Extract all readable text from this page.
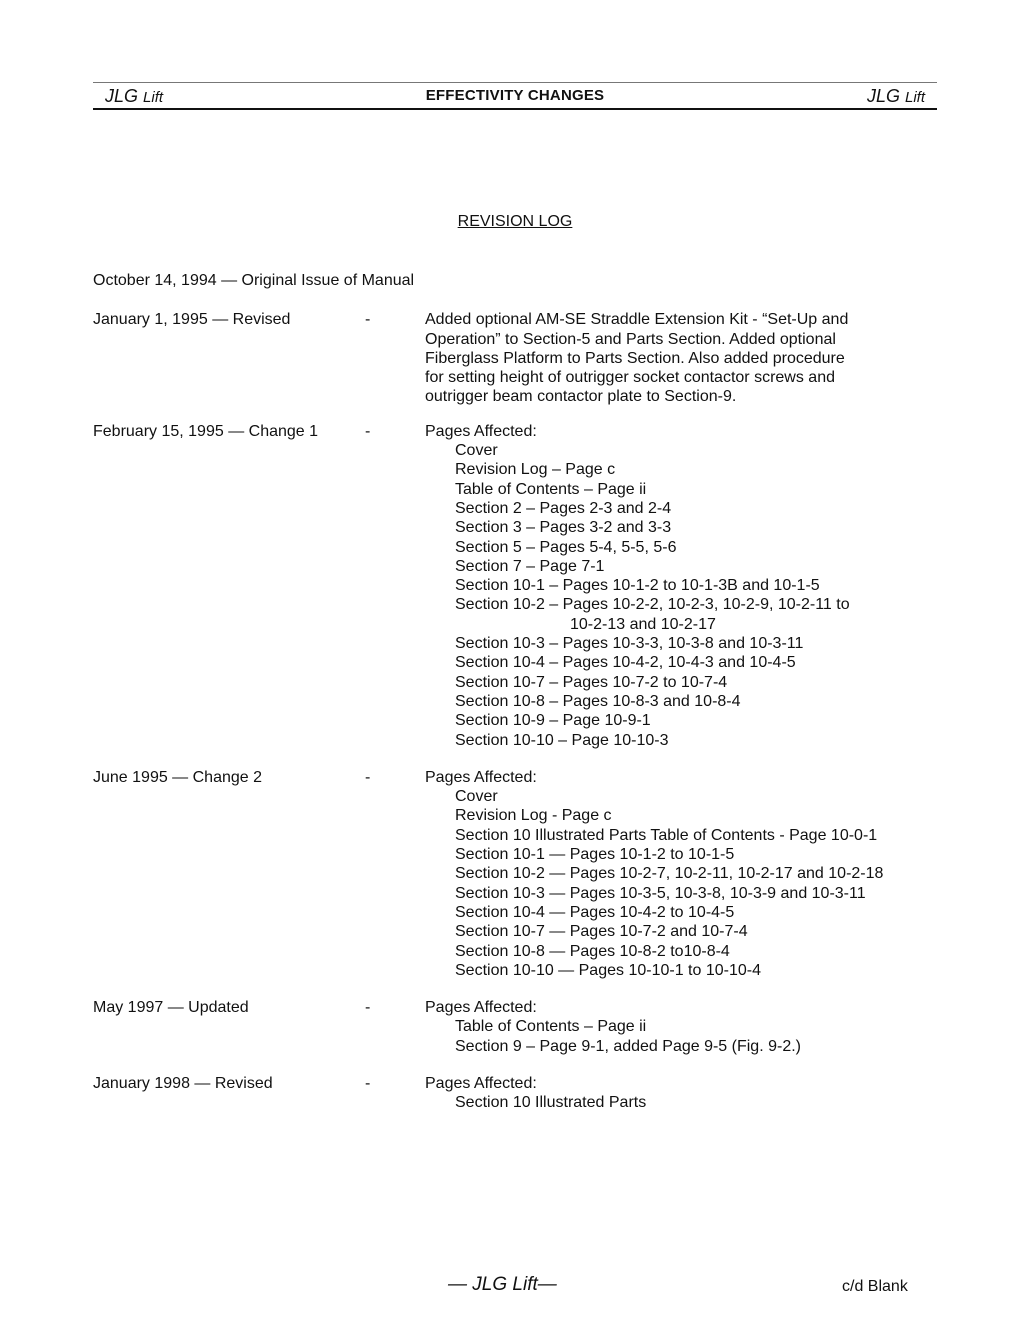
JLG Lift	EFFECTIVITY CHANGES	JLG Lift
REVISION LOG
October 14, 1994 — Original Issue of Manual
January 1, 1995 — Revised	-	Added optional AM-SE Straddle Extension Kit - “Set-Up and
Operation” to Section-5 and Parts Section. Added optional
Fiberglass Platform to Parts Section. Also added procedure
for setting height of outrigger socket contactor screws and
outrigger beam contactor plate to Section-9.
February 15, 1995 — Change 1	-	Pages Affected:
Cover
Revision Log – Page c
Table of Contents – Page ii
Section 2 – Pages 2-3 and 2-4
Section 3 – Pages 3-2 and 3-3
Section 5 – Pages 5-4, 5-5, 5-6
Section 7 – Page 7-1
Section 10-1 – Pages 10-1-2 to 10-1-3B and 10-1-5
Section 10-2 – Pages 10-2-2, 10-2-3, 10-2-9, 10-2-11 to
10-2-13 and 10-2-17
Section 10-3 – Pages 10-3-3, 10-3-8 and 10-3-11
Section 10-4 – Pages 10-4-2, 10-4-3 and 10-4-5
Section 10-7 – Pages 10-7-2 to 10-7-4
Section 10-8 – Pages 10-8-3 and 10-8-4
Section 10-9 – Page 10-9-1
Section 10-10 – Page 10-10-3
June 1995 — Change 2	-	Pages Affected:
Cover
Revision Log - Page c
Section 10 Illustrated Parts Table of Contents - Page 10-0-1
Section 10-1 — Pages 10-1-2 to 10-1-5
Section 10-2 — Pages 10-2-7, 10-2-11, 10-2-17 and 10-2-18
Section 10-3 — Pages 10-3-5, 10-3-8, 10-3-9 and 10-3-11
Section 10-4 — Pages 10-4-2 to 10-4-5
Section 10-7 — Pages 10-7-2 and 10-7-4
Section 10-8 — Pages 10-8-2 to10-8-4
Section 10-10 — Pages 10-10-1 to 10-10-4
May 1997 — Updated	-	Pages Affected:
Table of Contents – Page ii
Section 9 – Page 9-1, added Page 9-5 (Fig. 9-2.)
January 1998 — Revised	-	Pages Affected:
Section 10 Illustrated Parts
— JLG Lift—	c/d Blank
